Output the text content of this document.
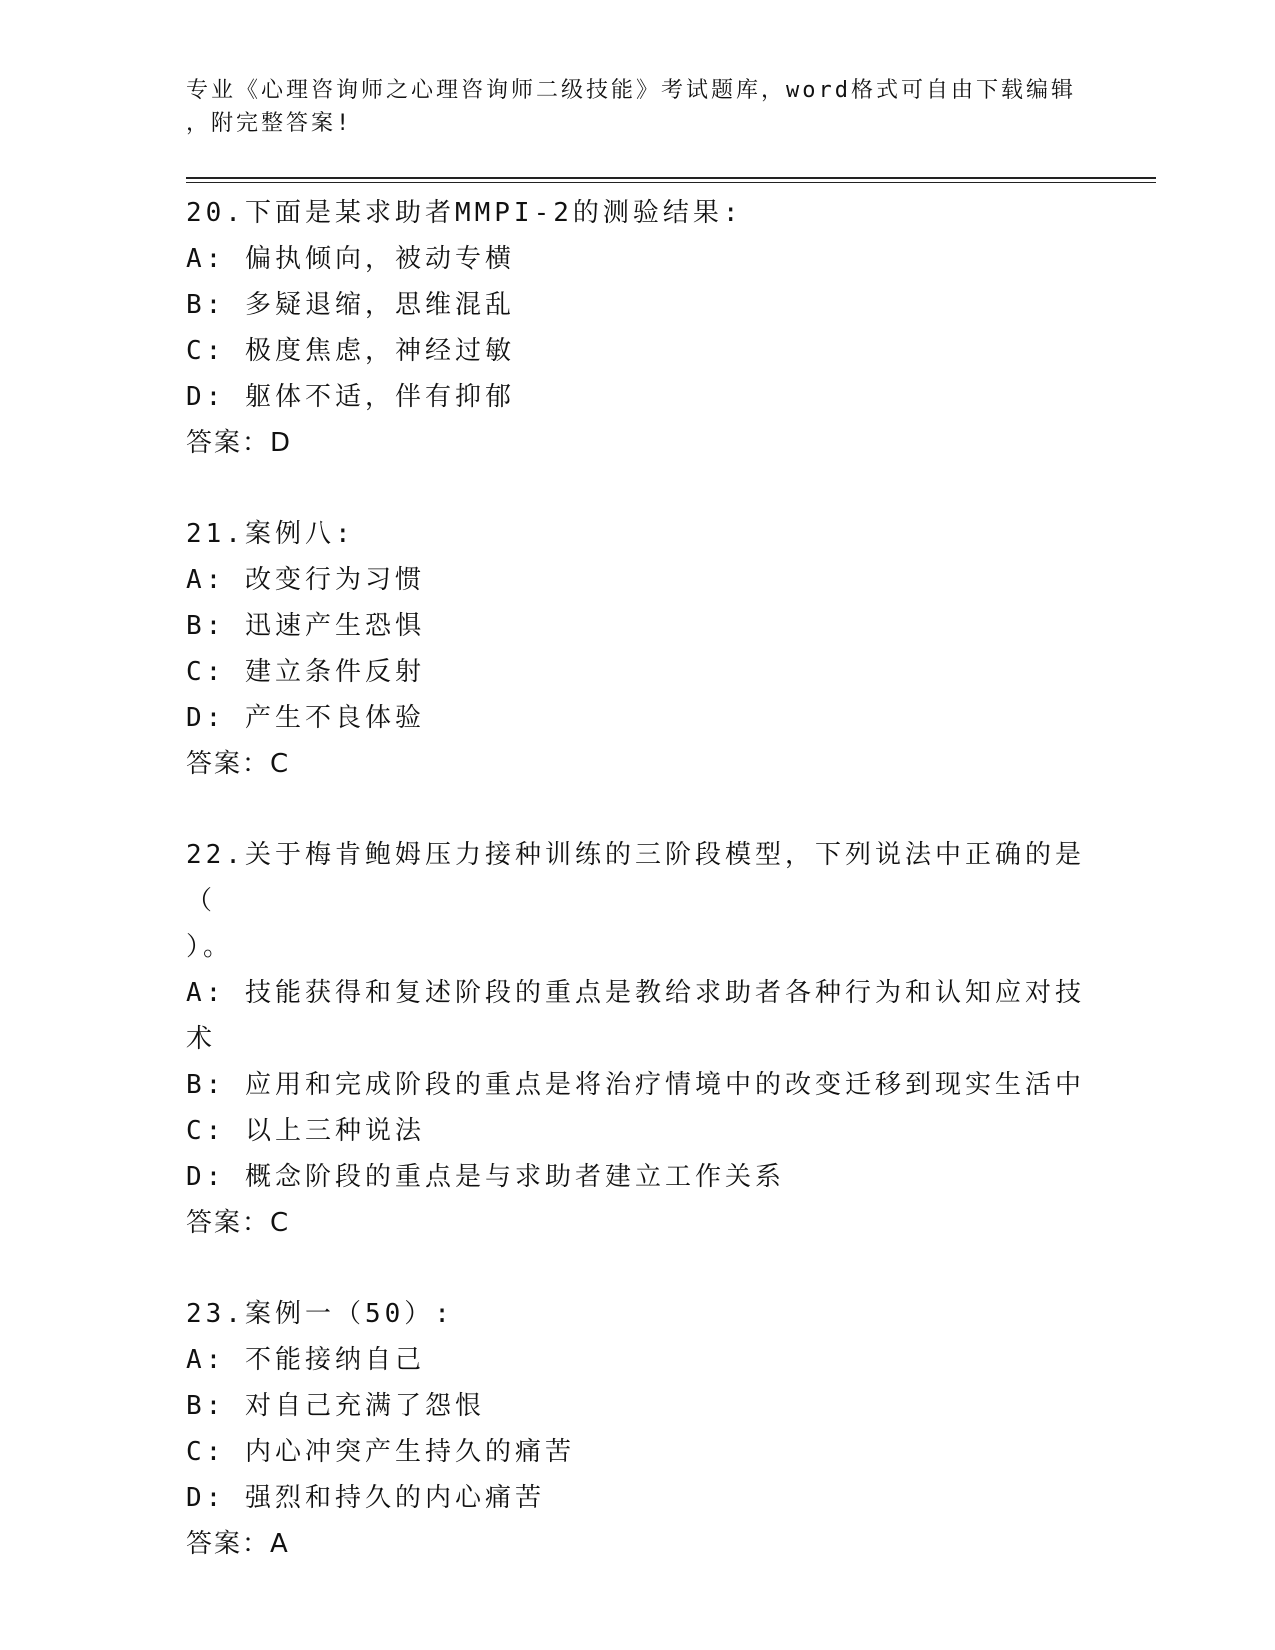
专业《心理咨询师之心理咨询师二级技能》考试题库，word格式可自由下载编辑
，附完整答案!
20.下面是某求助者MMPI-2的测验结果:
A: 偏执倾向，被动专横
B: 多疑退缩，思维混乱
C: 极度焦虑，神经过敏
D: 躯体不适，伴有抑郁
答案：D
21.案例八:
A: 改变行为习惯
B: 迅速产生恐惧
C: 建立条件反射
D: 产生不良体验
答案：C
22.关于梅肯鲍姆压力接种训练的三阶段模型，下列说法中正确的是（
）。
A: 技能获得和复述阶段的重点是教给求助者各种行为和认知应对技术
B: 应用和完成阶段的重点是将治疗情境中的改变迁移到现实生活中
C: 以上三种说法
D: 概念阶段的重点是与求助者建立工作关系
答案：C
23.案例一（50）:
A: 不能接纳自己
B: 对自己充满了怨恨
C: 内心冲突产生持久的痛苦
D: 强烈和持久的内心痛苦
答案：A
